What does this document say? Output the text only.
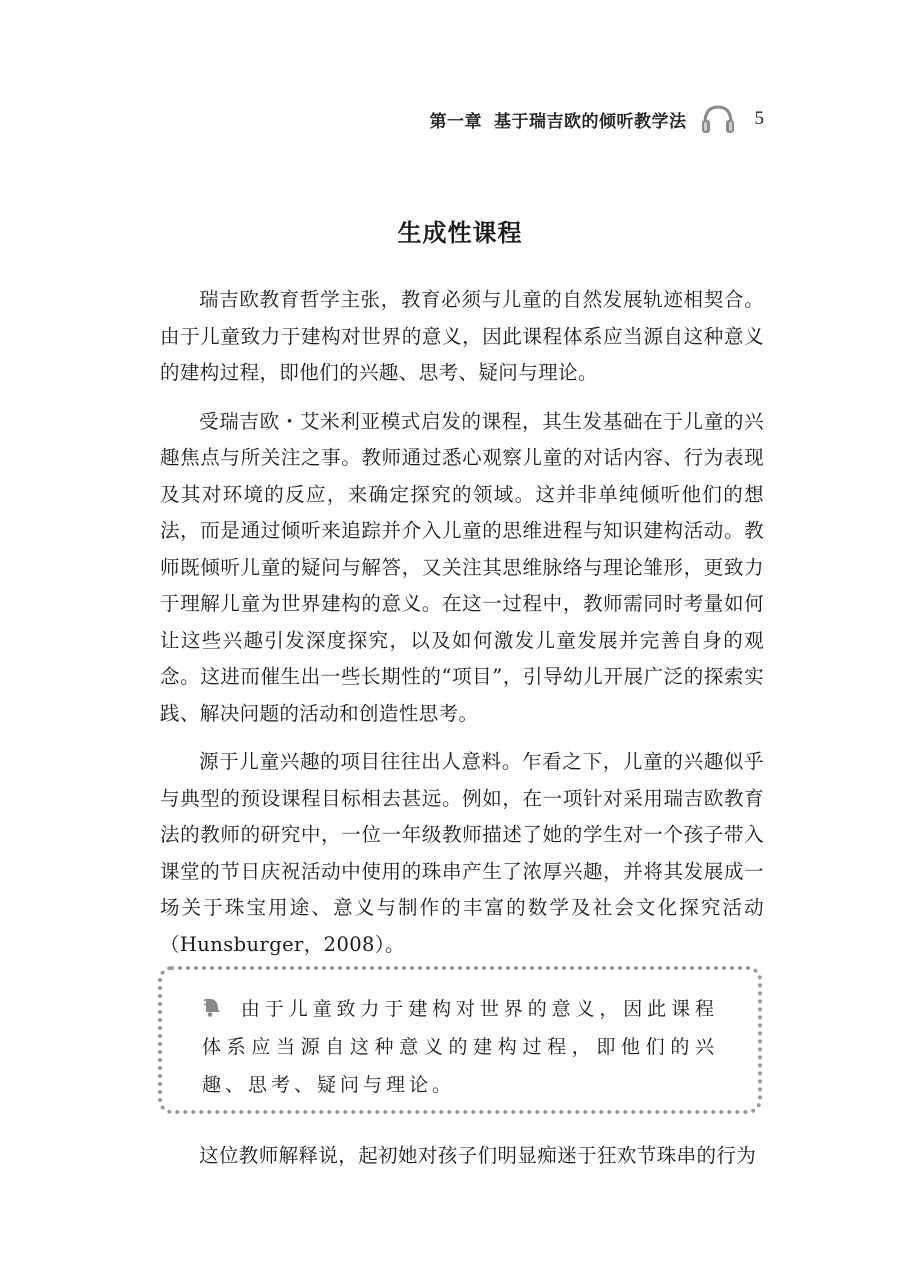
第一章 基于瑞吉欧的倾听教学法	5
生成性课程

瑞吉欧教育哲学主张，教育必须与儿童的自然发展轨迹相契合。由于儿童致力于建构对世界的意义，因此课程体系应当源自这种意义的建构过程，即他们的兴趣、思考、疑问与理论。

受瑞吉欧・艾米利亚模式启发的课程，其生发基础在于儿童的兴趣焦点与所关注之事。教师通过悉心观察儿童的对话内容、行为表现及其对环境的反应，来确定探究的领域。这并非单纯倾听他们的想法，而是通过倾听来追踪并介入儿童的思维进程与知识建构活动。教师既倾听儿童的疑问与解答，又关注其思维脉络与理论雏形，更致力于理解儿童为世界建构的意义。在这一过程中，教师需同时考量如何让这些兴趣引发深度探究，以及如何激发儿童发展并完善自身的观念。这进而催生出一些长期性的“项目”，引导幼儿开展广泛的探索实践、解决问题的活动和创造性思考。

源于儿童兴趣的项目往往出人意料。乍看之下，儿童的兴趣似乎与典型的预设课程目标相去甚远。例如，在一项针对采用瑞吉欧教育法的教师的研究中，一位一年级教师描述了她的学生对一个孩子带入课堂的节日庆祝活动中使用的珠串产生了浓厚兴趣，并将其发展成一场关于珠宝用途、意义与制作的丰富的数学及社会文化探究活动（Hunsburger，2008）。

由于儿童致力于建构对世界的意义，因此课程体系应当源自这种意义的建构过程，即他们的兴趣、思考、疑问与理论。

这位教师解释说，起初她对孩子们明显痴迷于狂欢节珠串的行为
